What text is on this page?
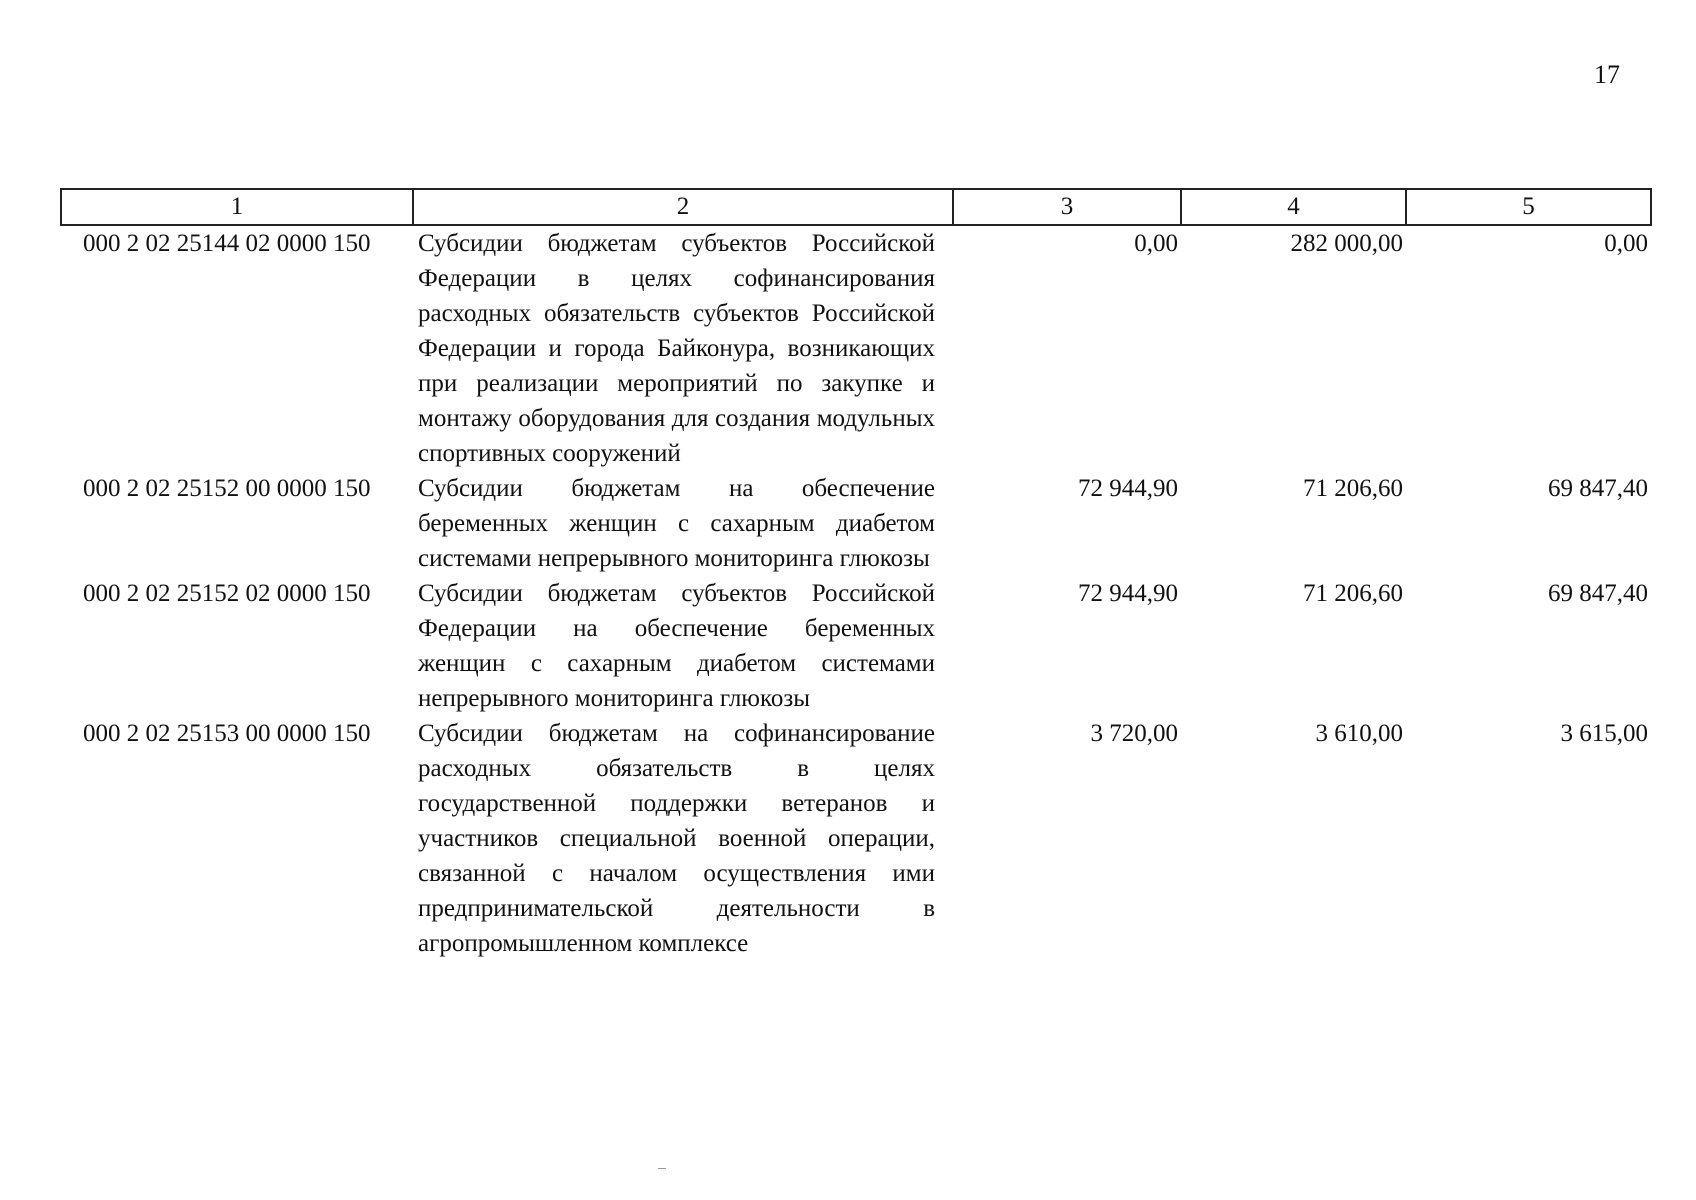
17
1	2	3	4	5
000 2 02 25144 02 0000 150	Субсидии бюджетам субъектов Российской Федерации в целях софинансирования расходных обязательств субъектов Российской Федерации и города Байконура, возникающих при реализации мероприятий по закупке и монтажу оборудования для создания модульных спортивных сооружений	0,00	282 000,00	0,00
000 2 02 25152 00 0000 150	Субсидии бюджетам на обеспечение беременных женщин с сахарным диабетом системами непрерывного мониторинга глюкозы	72 944,90	71 206,60	69 847,40
000 2 02 25152 02 0000 150	Субсидии бюджетам субъектов Российской Федерации на обеспечение беременных женщин с сахарным диабетом системами непрерывного мониторинга глюкозы	72 944,90	71 206,60	69 847,40
000 2 02 25153 00 0000 150	Субсидии бюджетам на софинансирование расходных обязательств в целях государственной поддержки ветеранов и участников специальной военной операции, связанной с началом осуществления ими предпринимательской деятельности в агропромышленном комплексе	3 720,00	3 610,00	3 615,00
